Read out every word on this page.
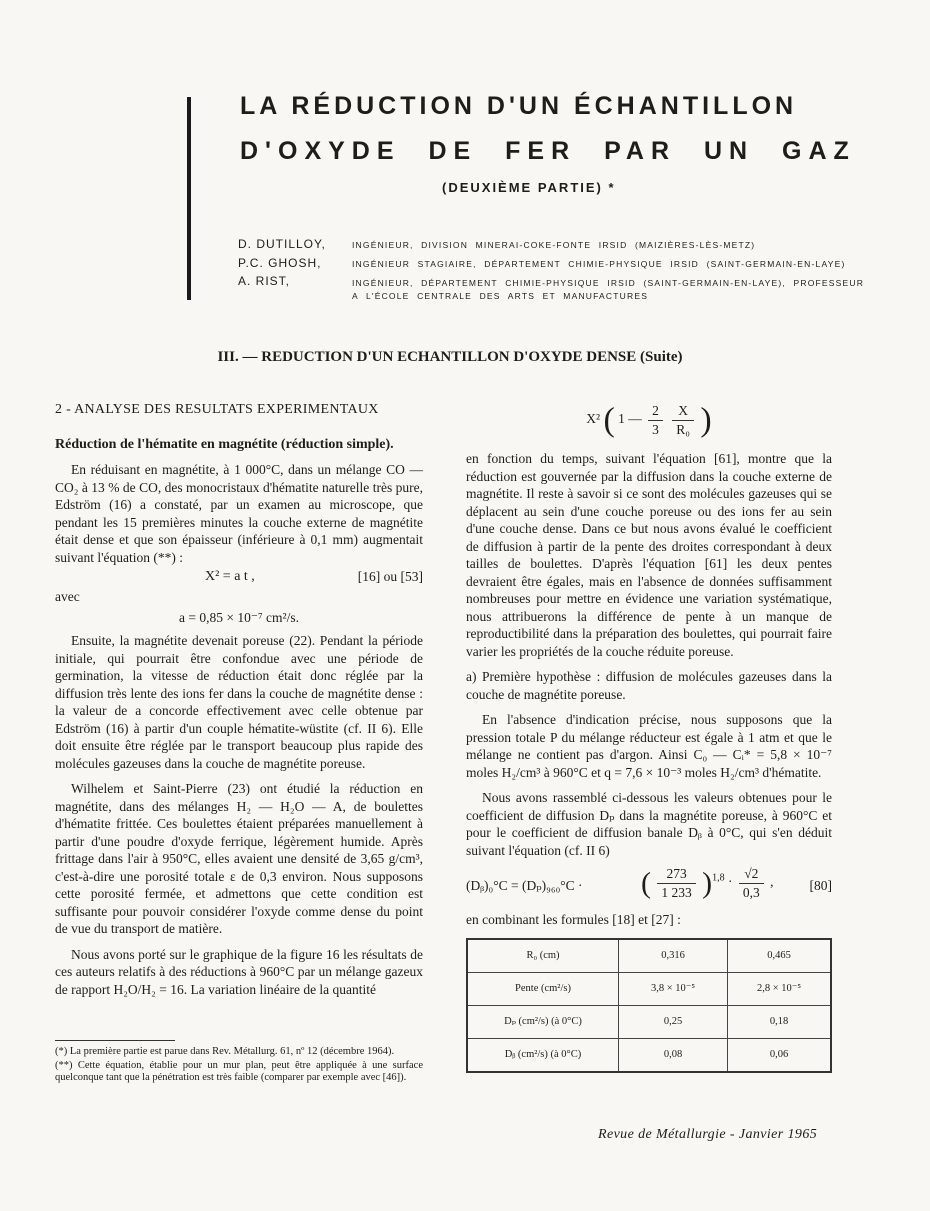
LA RÉDUCTION D'UN ÉCHANTILLON
D'OXYDE DE FER PAR UN GAZ
(DEUXIÈME PARTIE) *
D. DUTILLOY,	INGÉNIEUR, DIVISION MINERAI-COKE-FONTE IRSID (MAIZIÈRES-LÈS-METZ)
P.C. GHOSH,	INGÉNIEUR STAGIAIRE, DÉPARTEMENT CHIMIE-PHYSIQUE IRSID (SAINT-GERMAIN-EN-LAYE)
A. RIST,	INGÉNIEUR, DÉPARTEMENT CHIMIE-PHYSIQUE IRSID (SAINT-GERMAIN-EN-LAYE), PROFESSEUR
A L'ÉCOLE CENTRALE DES ARTS ET MANUFACTURES
III. — REDUCTION D'UN ECHANTILLON D'OXYDE DENSE (Suite)

2 - ANALYSE DES RESULTATS EXPERIMENTAUX

Réduction de l'hématite en magnétite (réduction simple).

En réduisant en magnétite, à 1 000°C, dans un mélange CO — CO₂ à 13 % de CO, des monocristaux d'hématite naturelle très pure, Edström (16) a constaté, par un examen au microscope, que pendant les 15 premières minutes la couche externe de magnétite était dense et que son épaisseur (inférieure à 0,1 mm) augmentait suivant l'équation (**) :

X² = a t ,	[16] ou [53]

avec

a = 0,85 × 10⁻⁷ cm²/s.

Ensuite, la magnétite devenait poreuse (22). Pendant la période initiale, qui pourrait être confondue avec une période de germination, la vitesse de réduction était donc réglée par la diffusion très lente des ions fer dans la couche de magnétite dense : la valeur de a concorde effectivement avec celle obtenue par Edström (16) à partir d'un couple hématite-wüstite (cf. II 6). Elle doit ensuite être réglée par le transport beaucoup plus rapide des molécules gazeuses dans la couche de magnétite poreuse.

Wilhelem et Saint-Pierre (23) ont étudié la réduction en magnétite, dans des mélanges H₂ — H₂O — A, de boulettes d'hématite frittée. Ces boulettes étaient préparées manuellement à partir d'une poudre d'oxyde ferrique, légèrement humide. Après frittage dans l'air à 950°C, elles avaient une densité de 3,65 g/cm³, c'est-à-dire une porosité totale ε de 0,3 environ. Nous supposons cette porosité fermée, et admettons que cette condition est suffisante pour pouvoir considérer l'oxyde comme dense du point de vue du transport de matière.

Nous avons porté sur le graphique de la figure 16 les résultats de ces auteurs relatifs à des réductions à 960°C par un mélange gazeux de rapport H₂O/H₂ = 16. La variation linéaire de la quantité

(*) La première partie est parue dans Rev. Métallurg. 61, nº 12 (décembre 1964).

(**) Cette équation, établie pour un mur plan, peut être appliquée à une surface quelconque tant que la pénétration est très faible (comparer par exemple avec [46]).

X² ( 1 — $\frac{2}{3}$
$\frac{X}{\text{R₀}}$ )

en fonction du temps, suivant l'équation [61], montre que la réduction est gouvernée par la diffusion dans la couche externe de magnétite. Il reste à savoir si ce sont des molécules gazeuses qui se déplacent au sein d'une couche poreuse ou des ions fer au sein d'une couche dense. Dans ce but nous avons évalué le coefficient de diffusion à partir de la pente des droites correspondant à deux tailles de boulettes. D'après l'équation [61] les deux pentes devraient être égales, mais en l'absence de données suffisamment nombreuses pour mettre en évidence une variation systématique, nous attribuerons la différence de pente à un manque de reproductibilité dans la préparation des boulettes, qui pourrait faire varier les propriétés de la couche réduite poreuse.

a) Première hypothèse : diffusion de molécules gazeuses dans la couche de magnétite poreuse.

En l'absence d'indication précise, nous supposons que la pression totale P du mélange réducteur est égale à 1 atm et que le mélange ne contient pas d'argon. Ainsi C₀ — Cᵢ* = 5,8 × 10⁻⁷ moles H₂/cm³ à 960°C et q = 7,6 × 10⁻³ moles H₂/cm³ d'hématite.

Nous avons rassemblé ci-dessous les valeurs obtenues pour le coefficient de diffusion Dₚ dans la magnétite poreuse, à 960°C et pour le coefficient de diffusion banale Dᵦ à 0°C, qui s'en déduit suivant l'équation (cf. II 6)

(Dᵦ)₀°C = (Dₚ)₉₆₀°C · ( $\frac{273}{1 233} )^{1,8} \cdot \frac{√2}{0,3}$ ,	[80]

en combinant les formules [18] et [27] :

R₀ (cm)	0,316	0,465
Pente (cm²/s)	3,8 × 10⁻⁵	2,8 × 10⁻⁵
Dₚ (cm²/s) (à 0°C)	0,25	0,18
Dᵦ (cm²/s) (à 0°C)	0,08	0,06
Revue de Métallurgie - Janvier 1965
